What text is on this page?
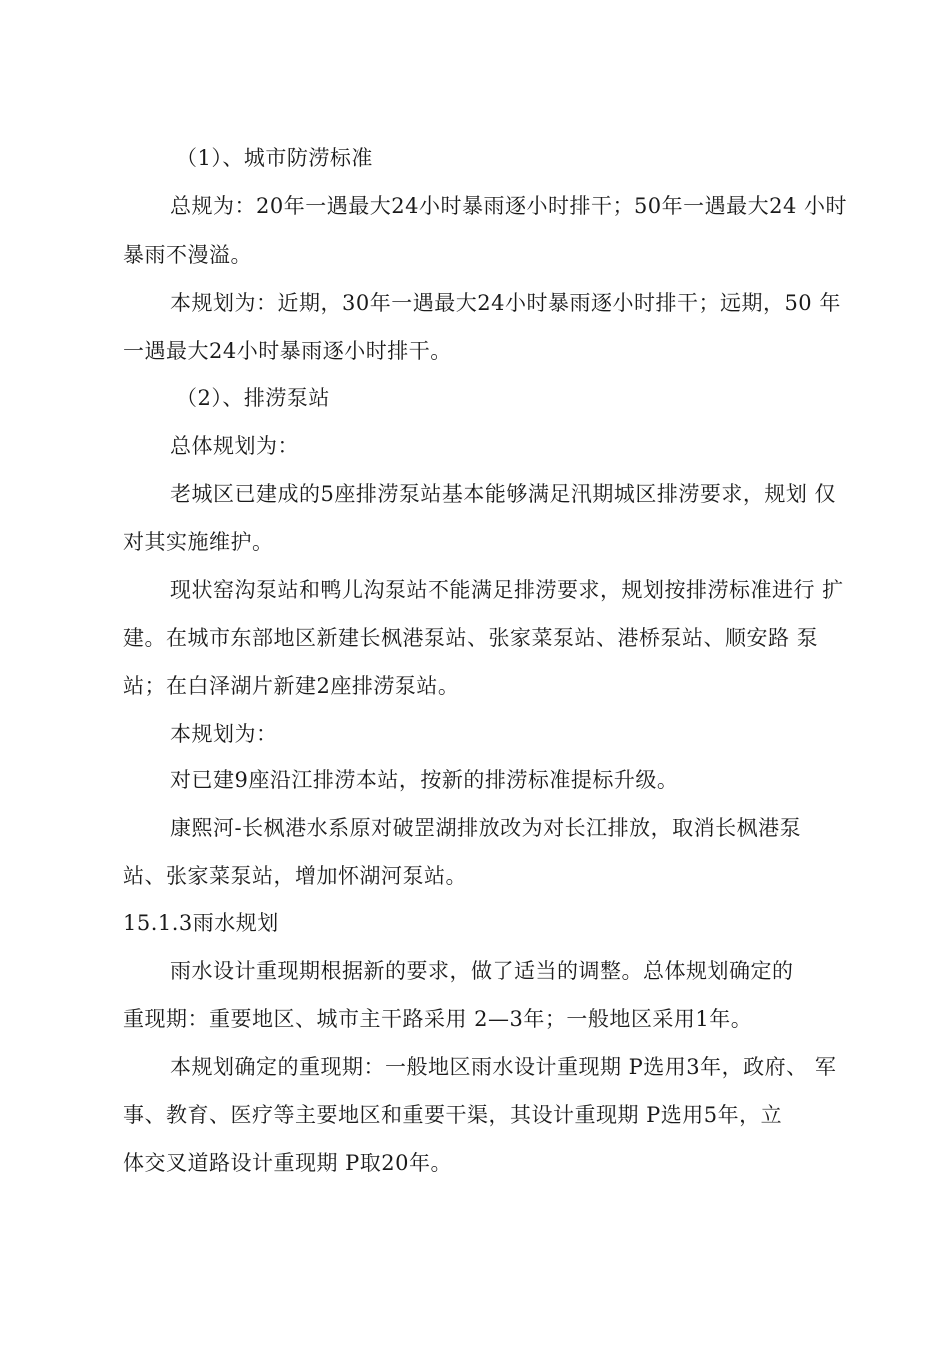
（1）、城市防涝标准
总规为：20年一遇最大24小时暴雨逐小时排干；50年一遇最大24 小时
暴雨不漫溢。
本规划为：近期，30年一遇最大24小时暴雨逐小时排干；远期，50 年
一遇最大24小时暴雨逐小时排干。
（2）、排涝泵站
总体规划为：
老城区已建成的5座排涝泵站基本能够满足汛期城区排涝要求，规划 仅
对其实施维护。
现状窑沟泵站和鸭儿沟泵站不能满足排涝要求，规划按排涝标准进行 扩
建。在城市东部地区新建长枫港泵站、张家菜泵站、港桥泵站、顺安路 泵
站；在白泽湖片新建2座排涝泵站。
本规划为：
对已建9座沿江排涝本站，按新的排涝标准提标升级。
康熙河-长枫港水系原对破罡湖排放改为对长江排放，取消长枫港泵
站、张家菜泵站，增加怀湖河泵站。
15.1.3雨水规划
雨水设计重现期根据新的要求，做了适当的调整。总体规划确定的
重现期：重要地区、城市主干路采用 2—3年；一般地区采用1年。
本规划确定的重现期：一般地区雨水设计重现期 P选用3年，政府、 军
事、教育、医疗等主要地区和重要干渠，其设计重现期 P选用5年，立
体交叉道路设计重现期 P取20年。
